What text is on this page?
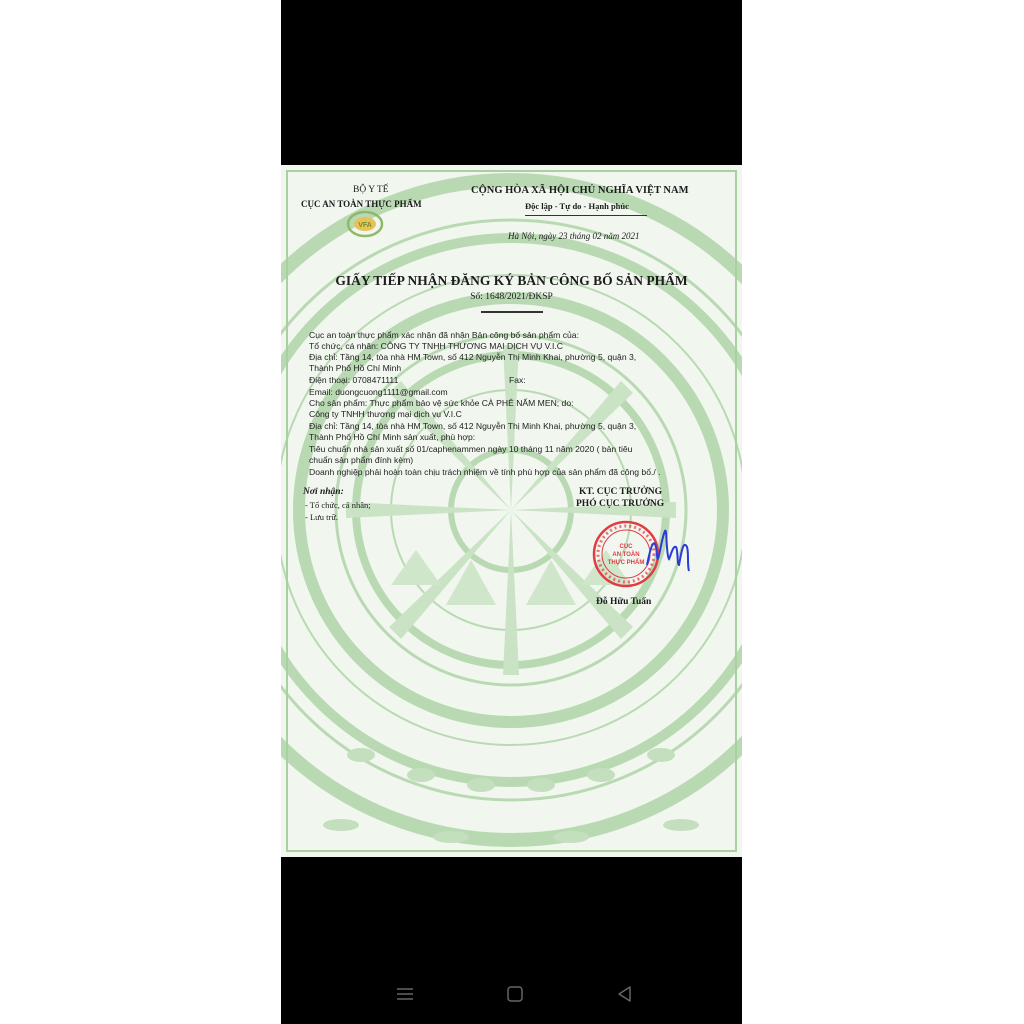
BỘ Y TẾ
CỤC AN TOÀN THỰC PHẨM
VFA
CỘNG HÒA XÃ HỘI CHỦ NGHĨA VIỆT NAM
Độc lập - Tự do - Hạnh phúc
Hà Nội, ngày 23 tháng 02 năm 2021
GIẤY TIẾP NHẬN ĐĂNG KÝ BẢN CÔNG BỐ SẢN PHẨM
Số: 1648/2021/ĐKSP
Cục an toàn thực phẩm xác nhận đã nhận Bản công bố sản phẩm của:
Tổ chức, cá nhân: CÔNG TY TNHH THƯƠNG MẠI DỊCH VỤ V.I.C
Địa chỉ: Tầng 14, tòa nhà HM Town, số 412 Nguyễn Thị Minh Khai, phường 5, quận 3,
Thành Phố Hồ Chí Minh
Điện thoại: 0708471111	Fax:
Email: duongcuong1111@gmail.com
Cho sản phẩm: Thực phẩm bảo vệ sức khỏe CÀ PHÊ NẤM MEN; do:
Công ty TNHH thương mại dịch vụ V.I.C
Địa chỉ: Tầng 14, tòa nhà HM Town, số 412 Nguyễn Thị Minh Khai, phường 5, quận 3,
Thành Phố Hồ Chí Minh sản xuất, phù hợp:
Tiêu chuẩn nhà sản xuất số 01/caphenammen ngày 10 tháng 11 năm 2020 ( bản tiêu
chuẩn sản phẩm đính kèm)
Doanh nghiệp phải hoàn toàn chịu trách nhiệm về tính phù hợp của sản phẩm đã công bố./ .
Nơi nhận:
- Tổ chức, cá nhân;
- Lưu trữ.
KT. CỤC TRƯỞNG
PHÓ CỤC TRƯỞNG
CỤC
AN TOÀN
THỰC PHẨM
Đỗ Hữu Tuấn
